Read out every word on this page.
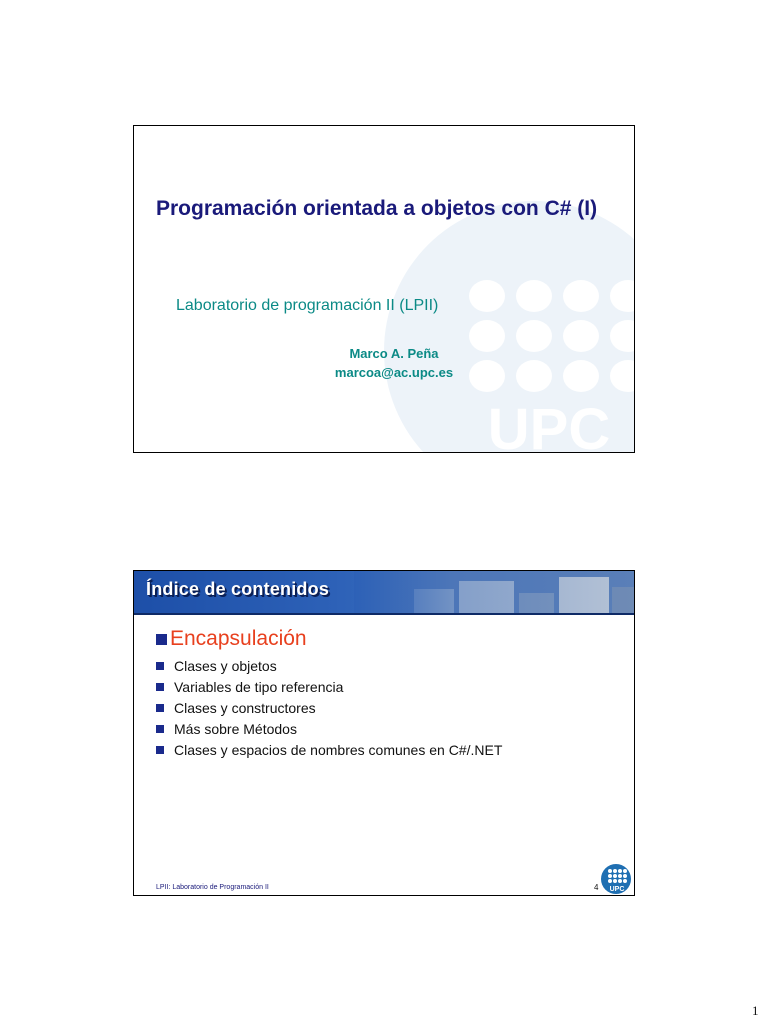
UPC
Programación orientada a objetos con C# (I)
Laboratorio de programación II (LPII)
Marco A. Peña
marcoa@ac.upc.es
Índice de contenidos
Encapsulación
Clases y objetos
Variables de tipo referencia
Clases y constructores
Más sobre Métodos
Clases y espacios de nombres comunes en C#/.NET
LPII: Laboratorio de Programación II	4 UPC
1
